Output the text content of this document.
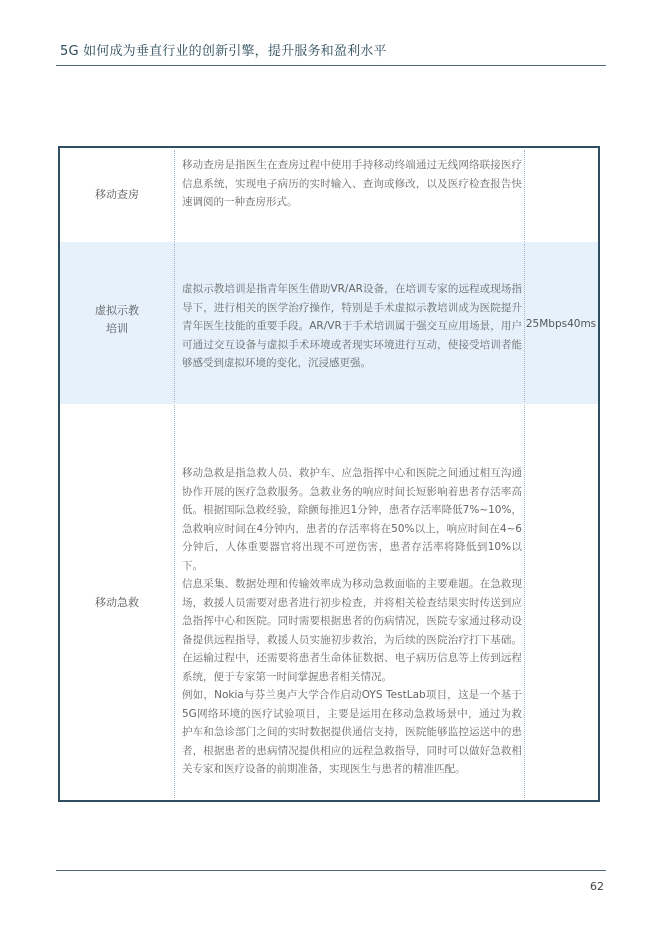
5G 如何成为垂直行业的创新引擎，提升服务和盈利水平
移动查房

移动查房是指医生在查房过程中使用手持移动终端通过无线网络联接医疗信息系统，实现电子病历的实时输入、查询或修改，以及医疗检查报告快速调阅的一种查房形式。

虚拟示教培训

虚拟示教培训是指青年医生借助VR/AR设备，在培训专家的远程或现场指导下，进行相关的医学治疗操作，特别是手术虚拟示教培训成为医院提升青年医生技能的重要手段。AR/VR于手术培训属于强交互应用场景，用户可通过交互设备与虚拟手术环境或者现实环境进行互动，使接受培训者能够感受到虚拟环境的变化，沉浸感更强。

25Mbps40ms
移动急救

移动急救是指急救人员、救护车、应急指挥中心和医院之间通过相互沟通协作开展的医疗急救服务。急救业务的响应时间长短影响着患者存活率高低。根据国际急救经验，除颤每推迟1分钟，患者存活率降低7%~10%，急救响应时间在4分钟内，患者的存活率将在50%以上，响应时间在4~6分钟后，人体重要器官将出现不可逆伤害，患者存活率将降低到10%以下。

信息采集、数据处理和传输效率成为移动急救面临的主要难题。在急救现场，救援人员需要对患者进行初步检查，并将相关检查结果实时传送到应急指挥中心和医院。同时需要根据患者的伤病情况，医院专家通过移动设备提供远程指导，救援人员实施初步救治，为后续的医院治疗打下基础。在运输过程中，还需要将患者生命体征数据、电子病历信息等上传到远程系统，便于专家第一时间掌握患者相关情况。

例如，Nokia与芬兰奥卢大学合作启动OYS TestLab项目，这是一个基于5G网络环境的医疗试验项目，主要是运用在移动急救场景中，通过为救护车和急诊部门之间的实时数据提供通信支持，医院能够监控运送中的患者，根据患者的患病情况提供相应的远程急救指导，同时可以做好急救相关专家和医疗设备的前期准备，实现医生与患者的精准匹配。

62
